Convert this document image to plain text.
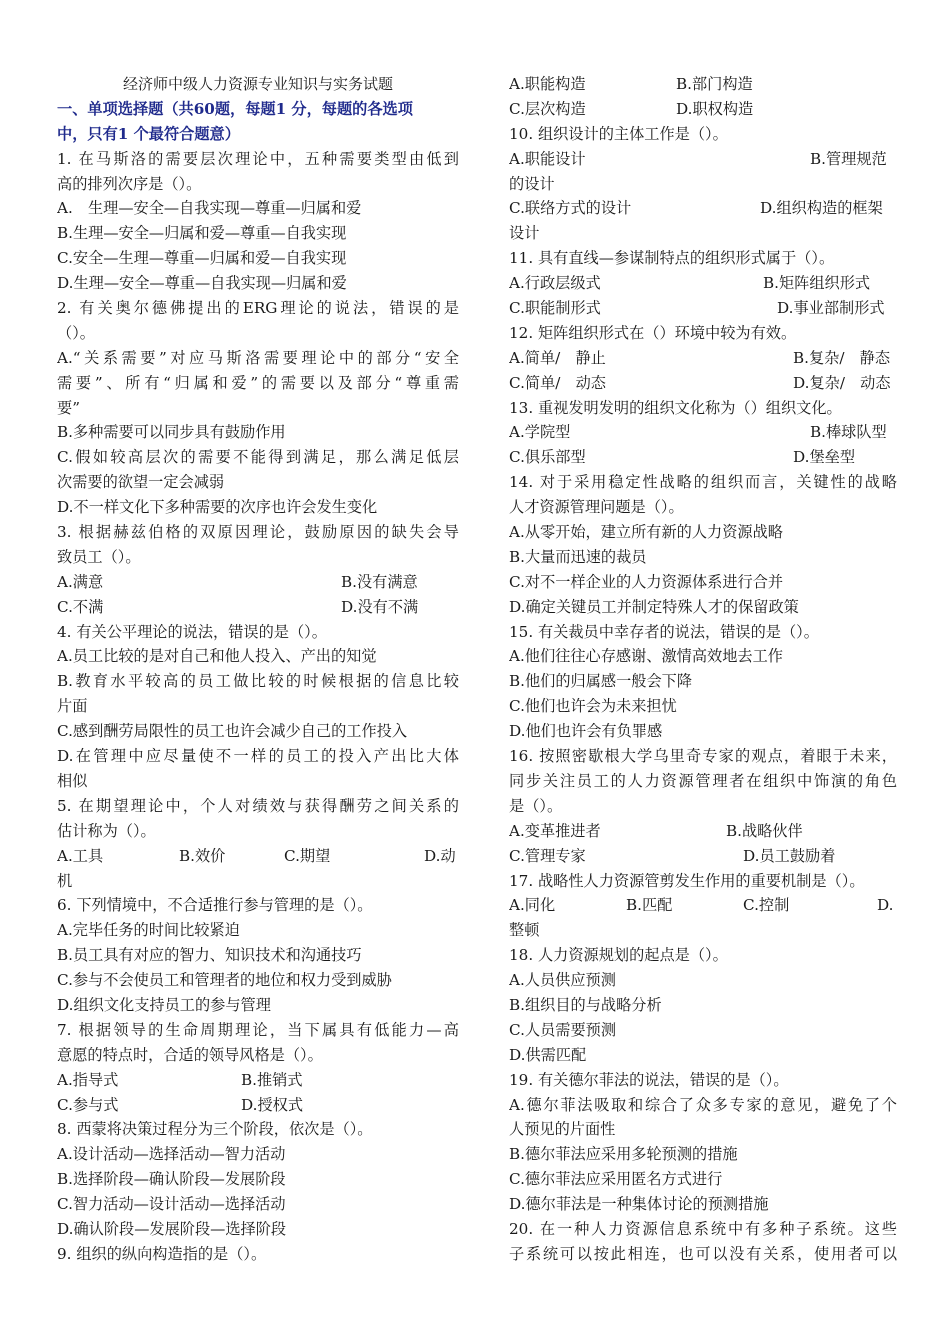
经济师中级人力资源专业知识与实务试题
一、单项选择题（共60题，每题1 分，每题的各选项
中，只有1 个最符合题意）
1. 在马斯洛的需要层次理论中，五种需要类型由低到
高的排列次序是（）。
A.　生理—安全—自我实现—尊重—归属和爱
B.生理—安全—归属和爱—尊重—自我实现
C.安全—生理—尊重—归属和爱—自我实现
D.生理—安全—尊重—自我实现—归属和爱
2. 有关奥尔德佛提出的ERG理论的说法，错误的是
（）。
A.“关系需要”对应马斯洛需要理论中的部分“安全
需要”、所有“归属和爱”的需要以及部分“尊重需
要”
B.多种需要可以同步具有鼓励作用
C.假如较高层次的需要不能得到满足，那么满足低层
次需要的欲望一定会减弱
D.不一样文化下多种需要的次序也许会发生变化
3. 根据赫兹伯格的双原因理论，鼓励原因的缺失会导
致员工（）。
A.满意	B.没有满意
C.不满	D.没有不满
4. 有关公平理论的说法，错误的是（）。
A.员工比较的是对自己和他人投入、产出的知觉
B.教育水平较高的员工做比较的时候根据的信息比较
片面
C.感到酬劳局限性的员工也许会减少自己的工作投入
D.在管理中应尽量使不一样的员工的投入产出比大体
相似
5. 在期望理论中，个人对绩效与获得酬劳之间关系的
估计称为（）。
A.工具	B.效价	C.期望	D.动
机
6. 下列情境中，不合适推行参与管理的是（）。
A.完毕任务的时间比较紧迫
B.员工具有对应的智力、知识技术和沟通技巧
C.参与不会使员工和管理者的地位和权力受到威胁
D.组织文化支持员工的参与管理
7. 根据领导的生命周期理论，当下属具有低能力—高
意愿的特点时，合适的领导风格是（）。
A.指导式	B.推销式
C.参与式	D.授权式
8. 西蒙将决策过程分为三个阶段，依次是（）。
A.设计活动—选择活动—智力活动
B.选择阶段—确认阶段—发展阶段
C.智力活动—设计活动—选择活动
D.确认阶段—发展阶段—选择阶段
9. 组织的纵向构造指的是（）。
A.职能构造	B.部门构造
C.层次构造	D.职权构造
10. 组织设计的主体工作是（）。
A.职能设计	B.管理规范
的设计
C.联络方式的设计	D.组织构造的框架
设计
11. 具有直线—参谋制特点的组织形式属于（）。
A.行政层级式	B.矩阵组织形式
C.职能制形式	D.事业部制形式
12. 矩阵组织形式在（）环境中较为有效。
A.简单/　静止	B.复杂/　静态
C.简单/　动态	D.复杂/　动态
13. 重视发明发明的组织文化称为（）组织文化。
A.学院型	B.棒球队型
C.俱乐部型	D.堡垒型
14. 对于采用稳定性战略的组织而言，关键性的战略
人才资源管理问题是（）。
A.从零开始，建立所有新的人力资源战略
B.大量而迅速的裁员
C.对不一样企业的人力资源体系进行合并
D.确定关键员工并制定特殊人才的保留政策
15. 有关裁员中幸存者的说法，错误的是（）。
A.他们往往心存感谢、激情高效地去工作
B.他们的归属感一般会下降
C.他们也许会为未来担忧
D.他们也许会有负罪感
16. 按照密歇根大学乌里奇专家的观点，着眼于未来，
同步关注员工的人力资源管理者在组织中饰演的角色
是（）。
A.变革推进者	B.战略伙伴
C.管理专家	D.员工鼓励着
17. 战略性人力资源管剪发生作用的重要机制是（）。
A.同化	B.匹配	C.控制	D.
整顿
18. 人力资源规划的起点是（）。
A.人员供应预测
B.组织目的与战略分析
C.人员需要预测
D.供需匹配
19. 有关德尔菲法的说法，错误的是（）。
A.德尔菲法吸取和综合了众多专家的意见，避免了个
人预见的片面性
B.德尔菲法应采用多轮预测的措施
C.德尔菲法应采用匿名方式进行
D.德尔菲法是一种集体讨论的预测措施
20. 在一种人力资源信息系统中有多种子系统。这些
子系统可以按此相连，也可以没有关系，使用者可以
